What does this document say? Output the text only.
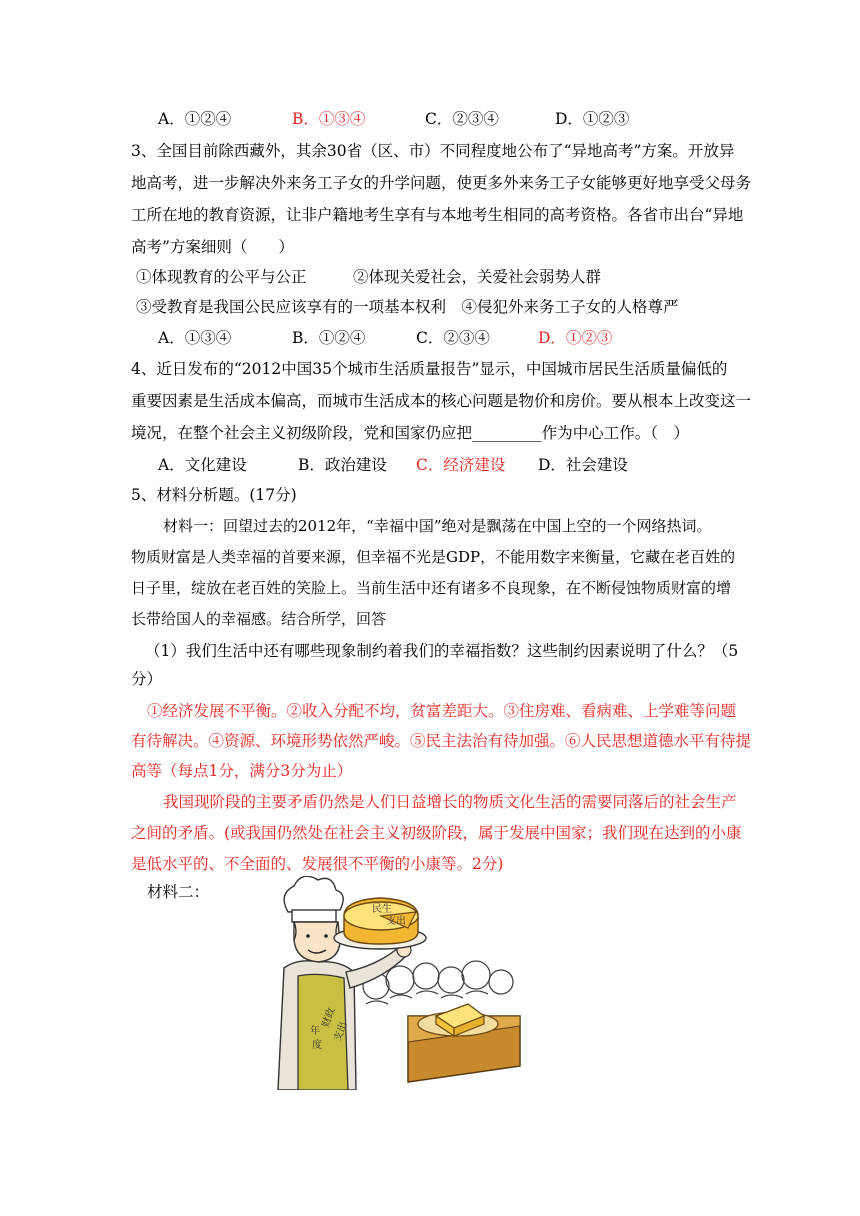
A．①②④	B．①③④	C．②③④	D．①②③
3、全国目前除西藏外，其余30省（区、市）不同程度地公布了“异地高考”方案。开放异
地高考，进一步解决外来务工子女的升学问题，使更多外来务工子女能够更好地享受父母务
工所在地的教育资源，让非户籍地考生享有与本地考生相同的高考资格。各省市出台“异地
高考”方案细则（　　）
①体现教育的公平与公正　　　②体现关爱社会，关爱社会弱势人群
③受教育是我国公民应该享有的一项基本权利　④侵犯外来务工子女的人格尊严
A．①③④	B．①②④	C．②③④	D．①②③
4、近日发布的“2012中国35个城市生活质量报告”显示，中国城市居民生活质量偏低的
重要因素是生活成本偏高，而城市生活成本的核心问题是物价和房价。要从根本上改变这一
境况，在整个社会主义初级阶段，党和国家仍应把_________作为中心工作。（　）
A．文化建设	B．政治建设 C．经济建设 D．社会建设
5、材料分析题。(17分)
材料一：回望过去的2012年，“幸福中国”绝对是飘荡在中国上空的一个网络热词。
物质财富是人类幸福的首要来源，但幸福不光是GDP，不能用数字来衡量，它藏在老百姓的
日子里，绽放在老百姓的笑脸上。当前生活中还有诸多不良现象，在不断侵蚀物质财富的增
长带给国人的幸福感。结合所学，回答
（1）我们生活中还有哪些现象制约着我们的幸福指数？这些制约因素说明了什么？（5
分）
①经济发展不平衡。②收入分配不均，贫富差距大。③住房难、看病难、上学难等问题
有待解决。④资源、环境形势依然严峻。⑤民主法治有待加强。⑥人民思想道德水平有待提
高等（每点1分，满分3分为止）
我国现阶段的主要矛盾仍然是人们日益增长的物质文化生活的需要同落后的社会生产
之间的矛盾。(或我国仍然处在社会主义初级阶段，属于发展中国家；我们现在达到的小康
是低水平的、不全面的、发展很不平衡的小康等。2分)
材料二：
民生
支出
财政
支出
年
度
